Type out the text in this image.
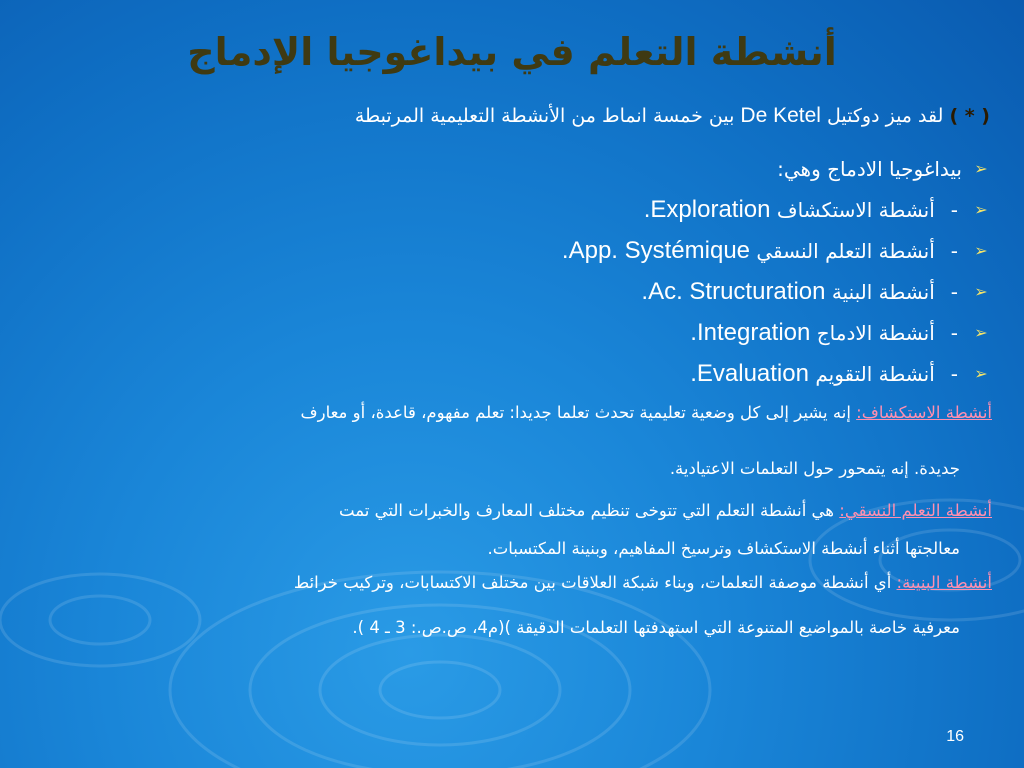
أنشطة التعلم في بيداغوجيا الإدماج
( * ) لقد ميز دوكتيل De Ketel بين خمسة انماط من الأنشطة التعليمية المرتبطة
➢
بيداغوجيا الادماج وهي:
➢
-
أنشطة الاستكشاف

Exploration.
➢
-
أنشطة التعلم النسقي

App. Systémique.
➢
-
أنشطة البنية

Ac. Structuration.
➢
-
أنشطة الادماج

Integration.
➢
-
أنشطة التقويم

Evaluation.
أنشطة الاستكشاف: إنه يشير إلى كل وضعية تعليمية تحدث تعلما جديدا: تعلم مفهوم، قاعدة، أو معارف
جديدة. إنه يتمحور حول التعلمات الاعتيادية.
أنشطة التعلم النسقي: هي أنشطة التعلم التي تتوخى تنظيم مختلف المعارف والخبرات التي تمت
معالجتها أثناء أنشطة الاستكشاف وترسيخ المفاهيم، وبنينة المكتسبات.
أنشطة البنينة: أي أنشطة موصفة التعلمات، وبناء شبكة العلاقات بين مختلف الاكتسابات، وتركيب خرائط
معرفية خاصة بالمواضيع المتنوعة التي استهدفتها التعلمات الدقيقة )(م4، ص.ص.: 3 ـ 4 ).
16
